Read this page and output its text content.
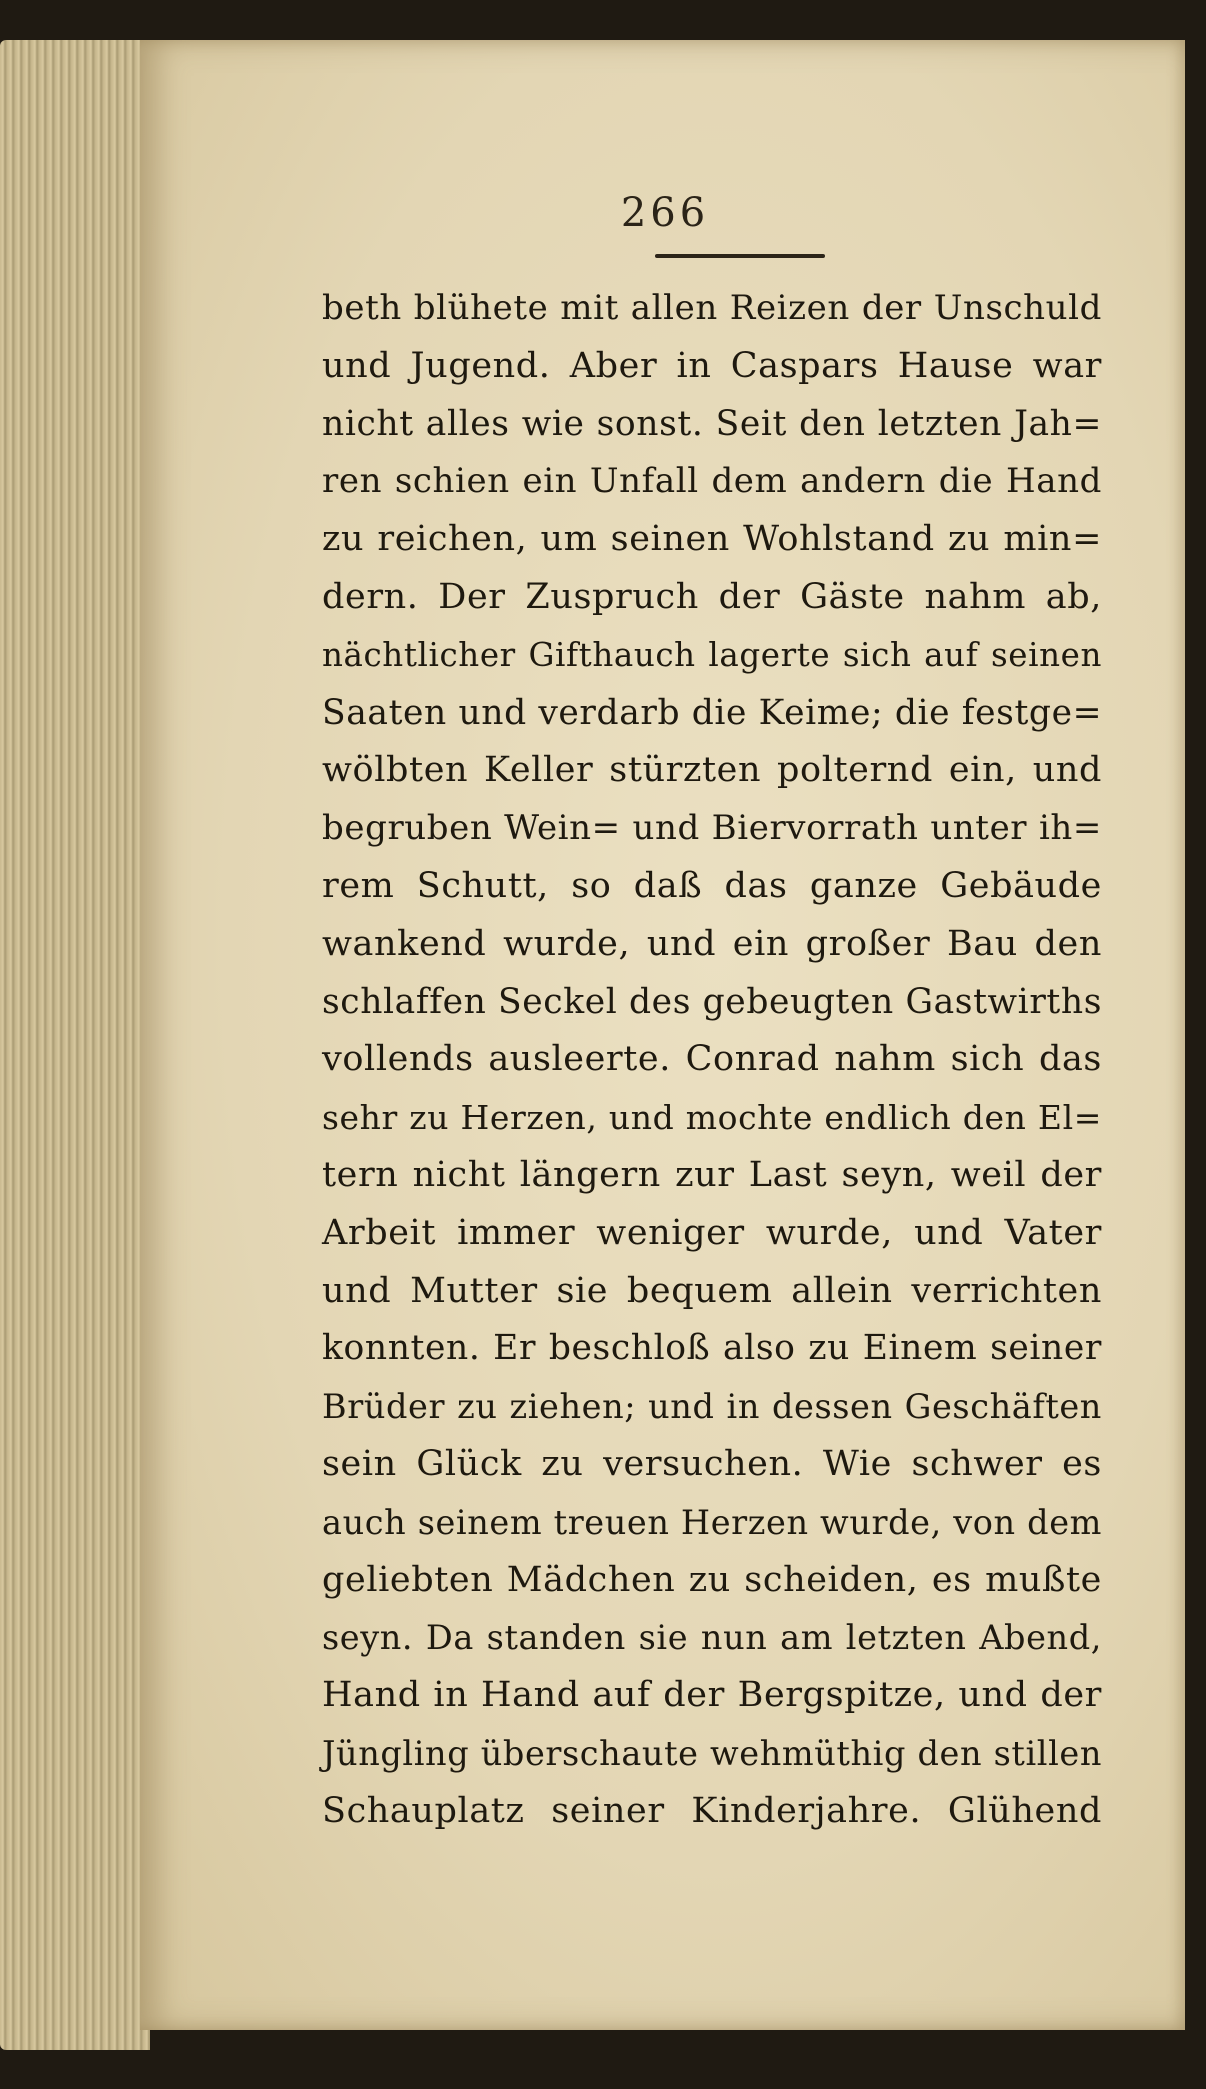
266
beth blühete mit allen Reizen der Unschuld
und Jugend. Aber in Caspars Hause war
nicht alles wie sonst. Seit den letzten Jah=
ren schien ein Unfall dem andern die Hand
zu reichen, um seinen Wohlstand zu min=
dern. Der Zuspruch der Gäste nahm ab,
nächtlicher Gifthauch lagerte sich auf seinen
Saaten und verdarb die Keime; die festge=
wölbten Keller stürzten polternd ein, und
begruben Wein= und Biervorrath unter ih=
rem Schutt, so daß das ganze Gebäude
wankend wurde, und ein großer Bau den
schlaffen Seckel des gebeugten Gastwirths
vollends ausleerte. Conrad nahm sich das
sehr zu Herzen, und mochte endlich den El=
tern nicht längern zur Last seyn, weil der
Arbeit immer weniger wurde, und Vater
und Mutter sie bequem allein verrichten
konnten. Er beschloß also zu Einem seiner
Brüder zu ziehen; und in dessen Geschäften
sein Glück zu versuchen. Wie schwer es
auch seinem treuen Herzen wurde, von dem
geliebten Mädchen zu scheiden, es mußte
seyn. Da standen sie nun am letzten Abend,
Hand in Hand auf der Bergspitze, und der
Jüngling überschaute wehmüthig den stillen
Schauplatz seiner Kinderjahre. Glühend
